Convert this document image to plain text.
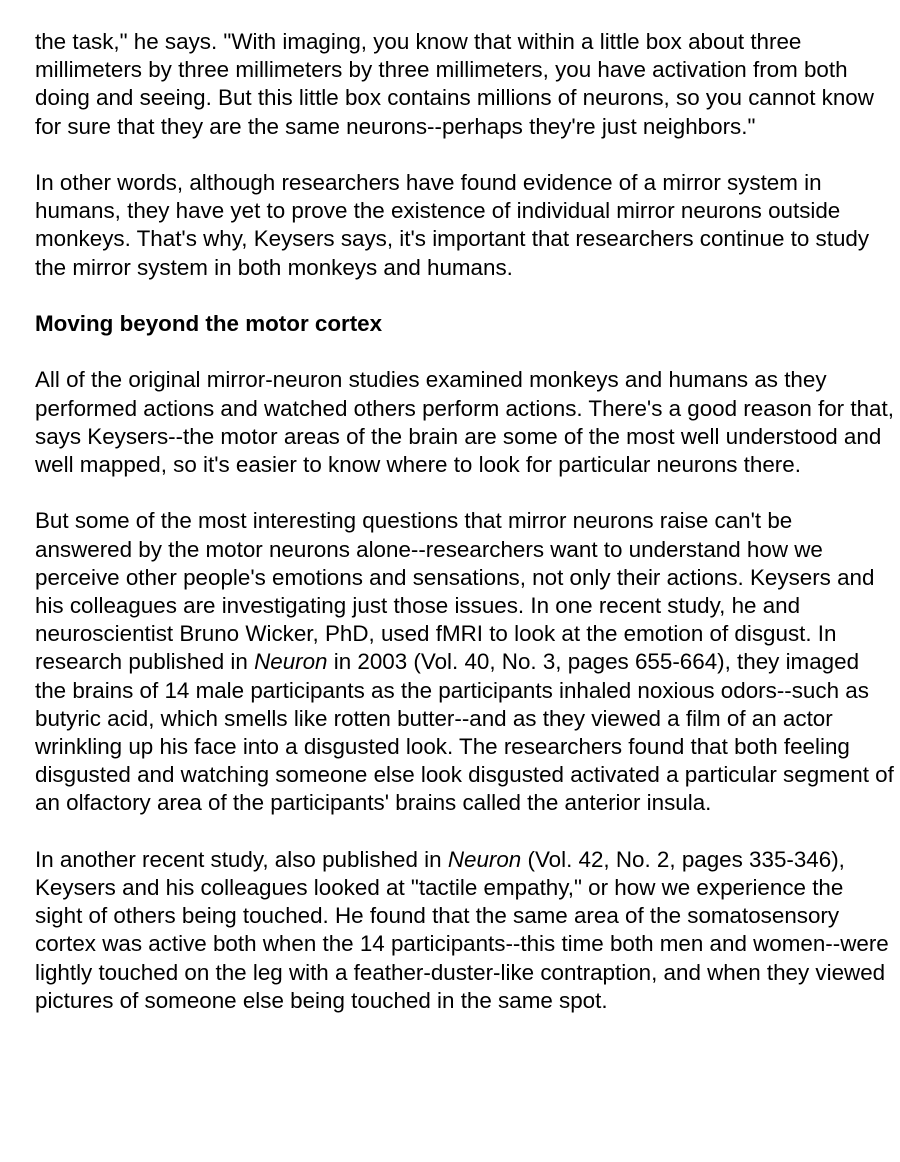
the task," he says. "With imaging, you know that within a little box about three millimeters by three millimeters by three millimeters, you have activation from both doing and seeing. But this little box contains millions of neurons, so you cannot know for sure that they are the same neurons--perhaps they're just neighbors."

In other words, although researchers have found evidence of a mirror system in humans, they have yet to prove the existence of individual mirror neurons outside monkeys. That's why, Keysers says, it's important that researchers continue to study the mirror system in both monkeys and humans.

Moving beyond the motor cortex

All of the original mirror-neuron studies examined monkeys and humans as they performed actions and watched others perform actions. There's a good reason for that, says Keysers--the motor areas of the brain are some of the most well understood and well mapped, so it's easier to know where to look for particular neurons there.

But some of the most interesting questions that mirror neurons raise can't be answered by the motor neurons alone--researchers want to understand how we perceive other people's emotions and sensations, not only their actions. Keysers and his colleagues are investigating just those issues. In one recent study, he and neuroscientist Bruno Wicker, PhD, used fMRI to look at the emotion of disgust. In research published in Neuron in 2003 (Vol. 40, No. 3, pages 655-664), they imaged the brains of 14 male participants as the participants inhaled noxious odors--such as butyric acid, which smells like rotten butter--and as they viewed a film of an actor wrinkling up his face into a disgusted look. The researchers found that both feeling disgusted and watching someone else look disgusted activated a particular segment of an olfactory area of the participants' brains called the anterior insula.

In another recent study, also published in Neuron (Vol. 42, No. 2, pages 335-346), Keysers and his colleagues looked at "tactile empathy," or how we experience the sight of others being touched. He found that the same area of the somatosensory cortex was active both when the 14 participants--this time both men and women--were lightly touched on the leg with a feather-duster-like contraption, and when they viewed pictures of someone else being touched in the same spot.
